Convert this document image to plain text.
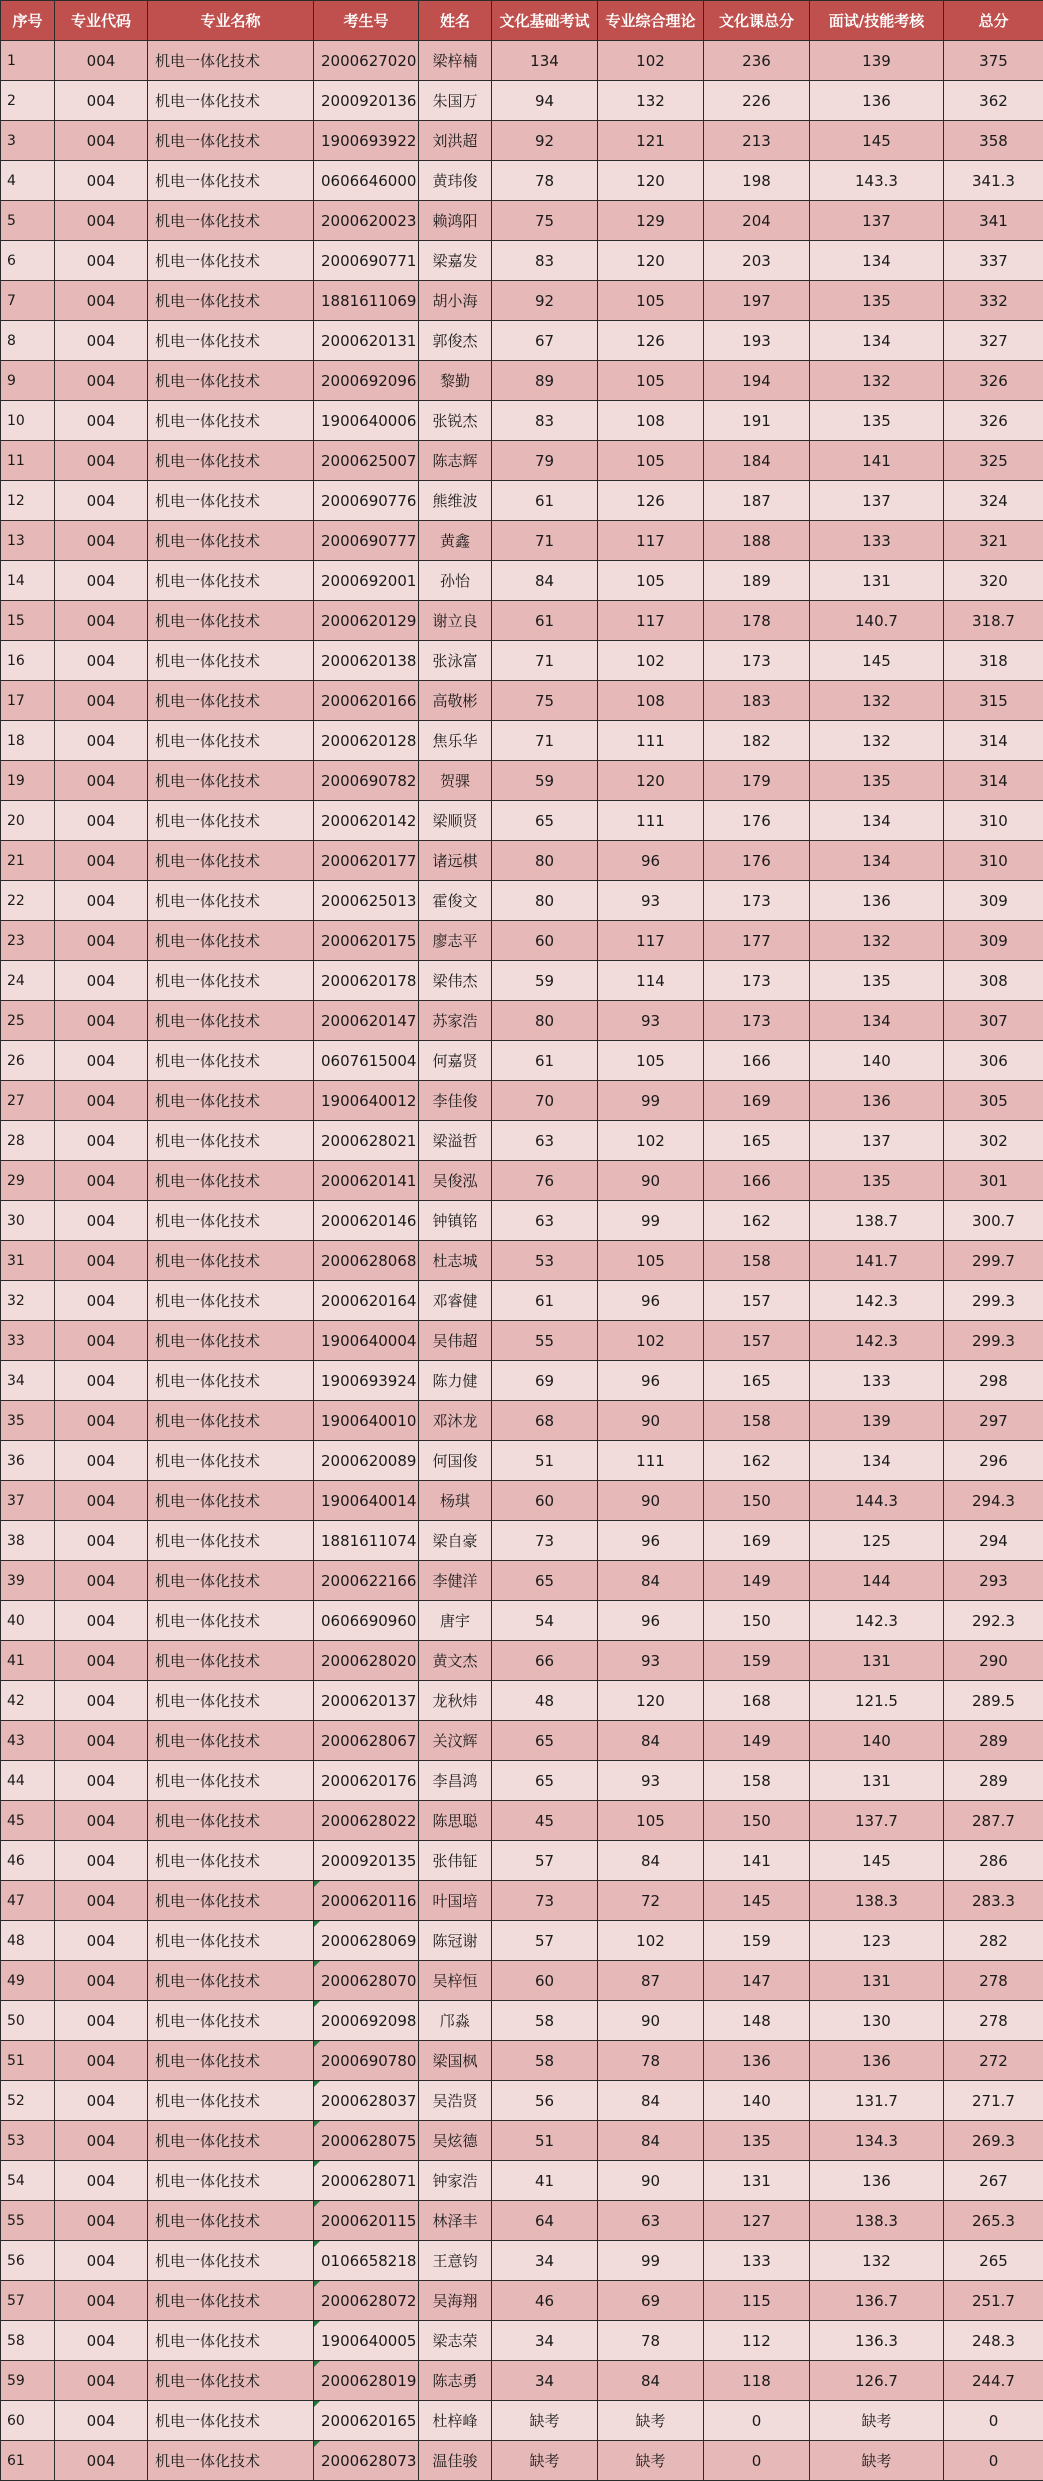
序号	专业代码	专业名称	考生号	姓名	文化基础考试	专业综合理论	文化课总分	面试/技能考核	总分
1	004	机电一体化技术	2000627020	梁梓楠	134	102	236	139	375
2	004	机电一体化技术	2000920136	朱国万	94	132	226	136	362
3	004	机电一体化技术	1900693922	刘洪超	92	121	213	145	358
4	004	机电一体化技术	0606646000	黄玮俊	78	120	198	143.3	341.3
5	004	机电一体化技术	2000620023	赖鸿阳	75	129	204	137	341
6	004	机电一体化技术	2000690771	梁嘉发	83	120	203	134	337
7	004	机电一体化技术	1881611069	胡小海	92	105	197	135	332
8	004	机电一体化技术	2000620131	郭俊杰	67	126	193	134	327
9	004	机电一体化技术	2000692096	黎勤	89	105	194	132	326
10	004	机电一体化技术	1900640006	张锐杰	83	108	191	135	326
11	004	机电一体化技术	2000625007	陈志辉	79	105	184	141	325
12	004	机电一体化技术	2000690776	熊维波	61	126	187	137	324
13	004	机电一体化技术	2000690777	黄鑫	71	117	188	133	321
14	004	机电一体化技术	2000692001	孙怡	84	105	189	131	320
15	004	机电一体化技术	2000620129	谢立良	61	117	178	140.7	318.7
16	004	机电一体化技术	2000620138	张泳富	71	102	173	145	318
17	004	机电一体化技术	2000620166	高敬彬	75	108	183	132	315
18	004	机电一体化技术	2000620128	焦乐华	71	111	182	132	314
19	004	机电一体化技术	2000690782	贺骒	59	120	179	135	314
20	004	机电一体化技术	2000620142	梁顺贤	65	111	176	134	310
21	004	机电一体化技术	2000620177	诸远棋	80	96	176	134	310
22	004	机电一体化技术	2000625013	霍俊文	80	93	173	136	309
23	004	机电一体化技术	2000620175	廖志平	60	117	177	132	309
24	004	机电一体化技术	2000620178	梁伟杰	59	114	173	135	308
25	004	机电一体化技术	2000620147	苏家浩	80	93	173	134	307
26	004	机电一体化技术	0607615004	何嘉贤	61	105	166	140	306
27	004	机电一体化技术	1900640012	李佳俊	70	99	169	136	305
28	004	机电一体化技术	2000628021	梁溢哲	63	102	165	137	302
29	004	机电一体化技术	2000620141	吴俊泓	76	90	166	135	301
30	004	机电一体化技术	2000620146	钟镇铭	63	99	162	138.7	300.7
31	004	机电一体化技术	2000628068	杜志城	53	105	158	141.7	299.7
32	004	机电一体化技术	2000620164	邓睿健	61	96	157	142.3	299.3
33	004	机电一体化技术	1900640004	吴伟超	55	102	157	142.3	299.3
34	004	机电一体化技术	1900693924	陈力健	69	96	165	133	298
35	004	机电一体化技术	1900640010	邓沐龙	68	90	158	139	297
36	004	机电一体化技术	2000620089	何国俊	51	111	162	134	296
37	004	机电一体化技术	1900640014	杨琪	60	90	150	144.3	294.3
38	004	机电一体化技术	1881611074	梁自豪	73	96	169	125	294
39	004	机电一体化技术	2000622166	李健洋	65	84	149	144	293
40	004	机电一体化技术	0606690960	唐宇	54	96	150	142.3	292.3
41	004	机电一体化技术	2000628020	黄文杰	66	93	159	131	290
42	004	机电一体化技术	2000620137	龙秋炜	48	120	168	121.5	289.5
43	004	机电一体化技术	2000628067	关汶辉	65	84	149	140	289
44	004	机电一体化技术	2000620176	李昌鸿	65	93	158	131	289
45	004	机电一体化技术	2000628022	陈思聪	45	105	150	137.7	287.7
46	004	机电一体化技术	2000920135	张伟钲	57	84	141	145	286
47	004	机电一体化技术	2000620116	叶国培	73	72	145	138.3	283.3
48	004	机电一体化技术	2000628069	陈冠谢	57	102	159	123	282
49	004	机电一体化技术	2000628070	吴梓恒	60	87	147	131	278
50	004	机电一体化技术	2000692098	邝淼	58	90	148	130	278
51	004	机电一体化技术	2000690780	梁国枫	58	78	136	136	272
52	004	机电一体化技术	2000628037	吴浩贤	56	84	140	131.7	271.7
53	004	机电一体化技术	2000628075	吴炫德	51	84	135	134.3	269.3
54	004	机电一体化技术	2000628071	钟家浩	41	90	131	136	267
55	004	机电一体化技术	2000620115	林泽丰	64	63	127	138.3	265.3
56	004	机电一体化技术	0106658218	王意钧	34	99	133	132	265
57	004	机电一体化技术	2000628072	吴海翔	46	69	115	136.7	251.7
58	004	机电一体化技术	1900640005	梁志荣	34	78	112	136.3	248.3
59	004	机电一体化技术	2000628019	陈志勇	34	84	118	126.7	244.7
60	004	机电一体化技术	2000620165	杜梓峰	缺考	缺考	0	缺考	0
61	004	机电一体化技术	2000628073	温佳骏	缺考	缺考	0	缺考	0
